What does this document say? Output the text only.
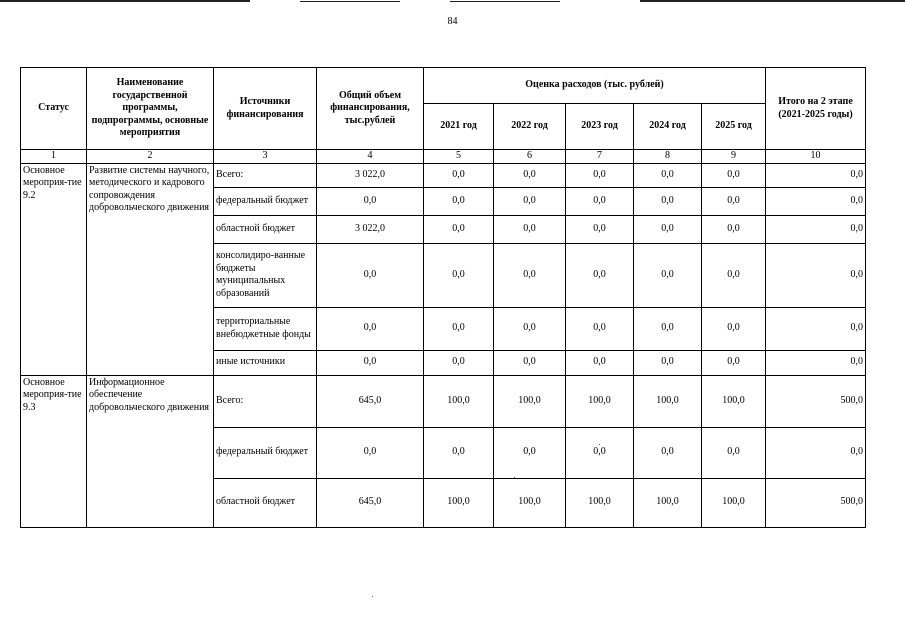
84
Статус	Наименование государственной программы, подпрограммы, основные мероприятия	Источники финансирования	Общий объем финансирования, тыс.рублей	Оценка расходов (тыс. рублей)					Итого на 2 этапе (2021-2025 годы)
				2021 год	2022 год	2023 год	2024 год	2025 год	
1	2	3	4	5	6	7	8	9	10
Основное мероприя-тие 9.2	Развитие системы научного, методического и кадрового сопровождения добровольческого движения	Всего:	3 022,0	0,0	0,0	0,0	0,0	0,0	0,0
		федеральный бюджет	0,0	0,0	0,0	0,0	0,0	0,0	0,0
		областной бюджет	3 022,0	0,0	0,0	0,0	0,0	0,0	0,0
		консолидиро-ванные бюджеты муниципальных образований	0,0	0,0	0,0	0,0	0,0	0,0	0,0
		территориальные внебюджетные фонды	0,0	0,0	0,0	0,0	0,0	0,0	0,0
		иные источники	0,0	0,0	0,0	0,0	0,0	0,0	0,0
Основное мероприя-тие 9.3	Информационное обеспечение добровольческого движения	Всего:	645,0	100,0	100,0	100,0	100,0	100,0	500,0
		федеральный бюджет	0,0	0,0	0,0	0,0	0,0	0,0	0,0
		областной бюджет	645,0	100,0	100,0	100,0	100,0	100,0	500,0
